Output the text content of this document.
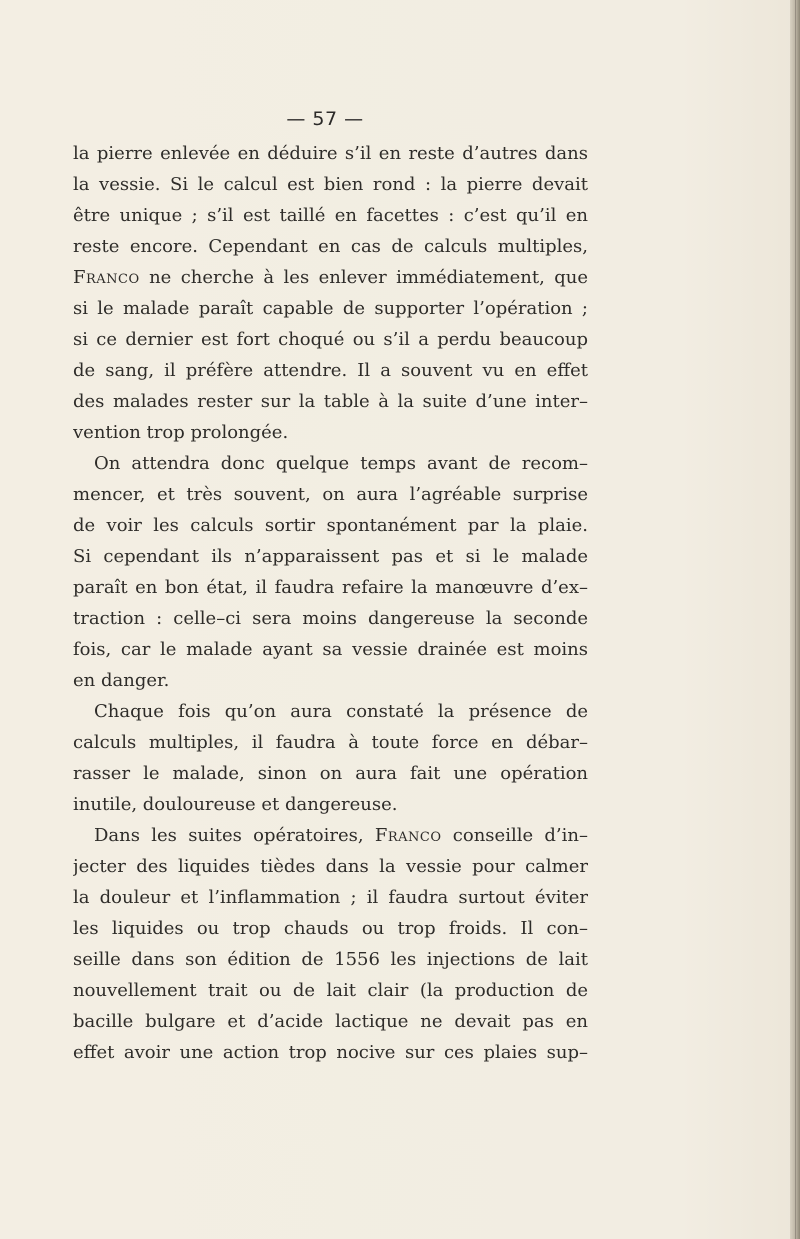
— 57 —
la pierre enlevée en déduire s’il en reste d’autres dans
la vessie. Si le calcul est bien rond : la pierre devait
être unique ; s’il est taillé en facettes : c’est qu’il en
reste encore. Cependant en cas de calculs multiples,
Franco ne cherche à les enlever immédiatement, que
si le malade paraît capable de supporter l’opération ;
si ce dernier est fort choqué ou s’il a perdu beaucoup
de sang, il préfère attendre. Il a souvent vu en effet
des malades rester sur la table à la suite d’une inter–
vention trop prolongée.
On attendra donc quelque temps avant de recom–
mencer, et très souvent, on aura l’agréable surprise
de voir les calculs sortir spontanément par la plaie.
Si cependant ils n’apparaissent pas et si le malade
paraît en bon état, il faudra refaire la manœuvre d’ex–
traction : celle–ci sera moins dangereuse la seconde
fois, car le malade ayant sa vessie drainée est moins
en danger.
Chaque fois qu’on aura constaté la présence de
calculs multiples, il faudra à toute force en débar–
rasser le malade, sinon on aura fait une opération
inutile, douloureuse et dangereuse.
Dans les suites opératoires, Franco conseille d’in–
jecter des liquides tièdes dans la vessie pour calmer
la douleur et l’inflammation ; il faudra surtout éviter
les liquides ou trop chauds ou trop froids. Il con–
seille dans son édition de 1556 les injections de lait
nouvellement trait ou de lait clair (la production de
bacille bulgare et d’acide lactique ne devait pas en
effet avoir une action trop nocive sur ces plaies sup–
